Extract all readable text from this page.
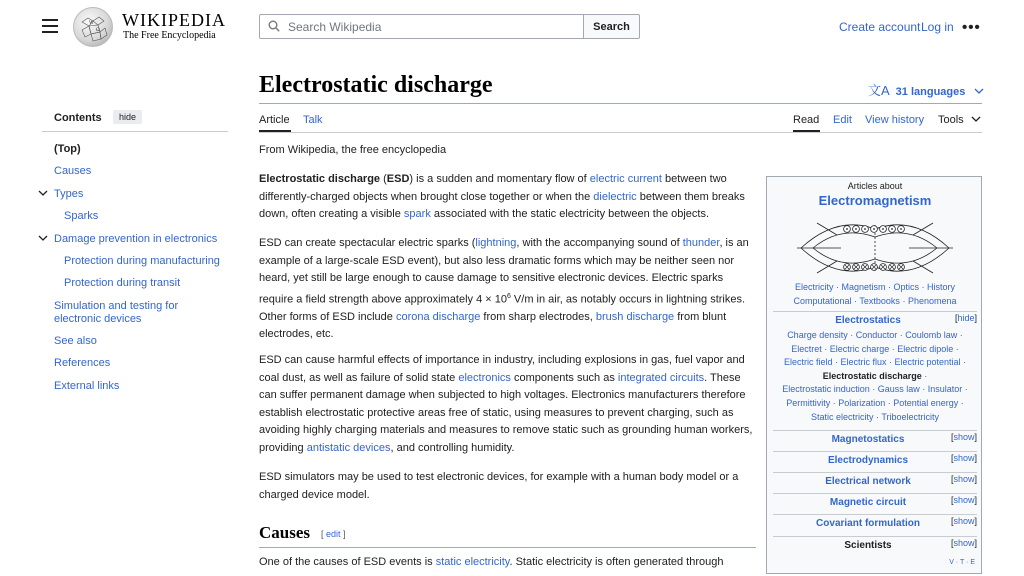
W
Ω
WIKIPEDIA
The Free Encyclopedia
Search Wikipedia
Search	Create account Log in •••
Contents	hide
(Top)
Causes
Types
Sparks
Damage prevention in electronics
Protection during manufacturing
Protection during transit
Simulation and testing for
electronic devices
See also
References
External links
Electrostatic discharge	文A 31 languages
Article Talk	Read Edit View history Tools
From Wikipedia, the free encyclopedia

Electrostatic discharge (ESD) is a sudden and momentary flow of electric current between two differently-charged objects when brought close together or when the dielectric between them breaks down, often creating a visible spark associated with the static electricity between the objects.

ESD can create spectacular electric sparks (lightning, with the accompanying sound of thunder, is an example of a large-scale ESD event), but also less dramatic forms which may be neither seen nor heard, yet still be large enough to cause damage to sensitive electronic devices. Electric sparks require a field strength above approximately $4 \times 10^6$ V/m in air, as notably occurs in lightning strikes. Other forms of ESD include corona discharge from sharp electrodes, brush discharge from blunt electrodes, etc.

ESD can cause harmful effects of importance in industry, including explosions in gas, fuel vapor and coal dust, as well as failure of solid state electronics components such as integrated circuits. These can suffer permanent damage when subjected to high voltages. Electronics manufacturers therefore establish electrostatic protective areas free of static, using measures to prevent charging, such as avoiding highly charging materials and measures to remove static such as grounding human workers, providing antistatic devices, and controlling humidity.

ESD simulators may be used to test electronic devices, for example with a human body model or a charged device model.

Causes [ edit ]

One of the causes of ESD events is static electricity. Static electricity is often generated through

Articles about
Electromagnetism
Electricity · Magnetism · Optics · History
Computational · Textbooks · Phenomena
Electrostatics	[hide]
Charge density · Conductor · Coulomb law ·
Electret · Electric charge · Electric dipole ·
Electric field · Electric flux · Electric potential ·
Electrostatic discharge ·
Electrostatic induction · Gauss law · Insulator ·
Permittivity · Polarization · Potential energy ·
Static electricity · Triboelectricity
Magnetostatics	[show]
Electrodynamics	[show]
Electrical network	[show]
Magnetic circuit	[show]
Covariant formulation	[show]
Scientists	[show]
V · T · E
